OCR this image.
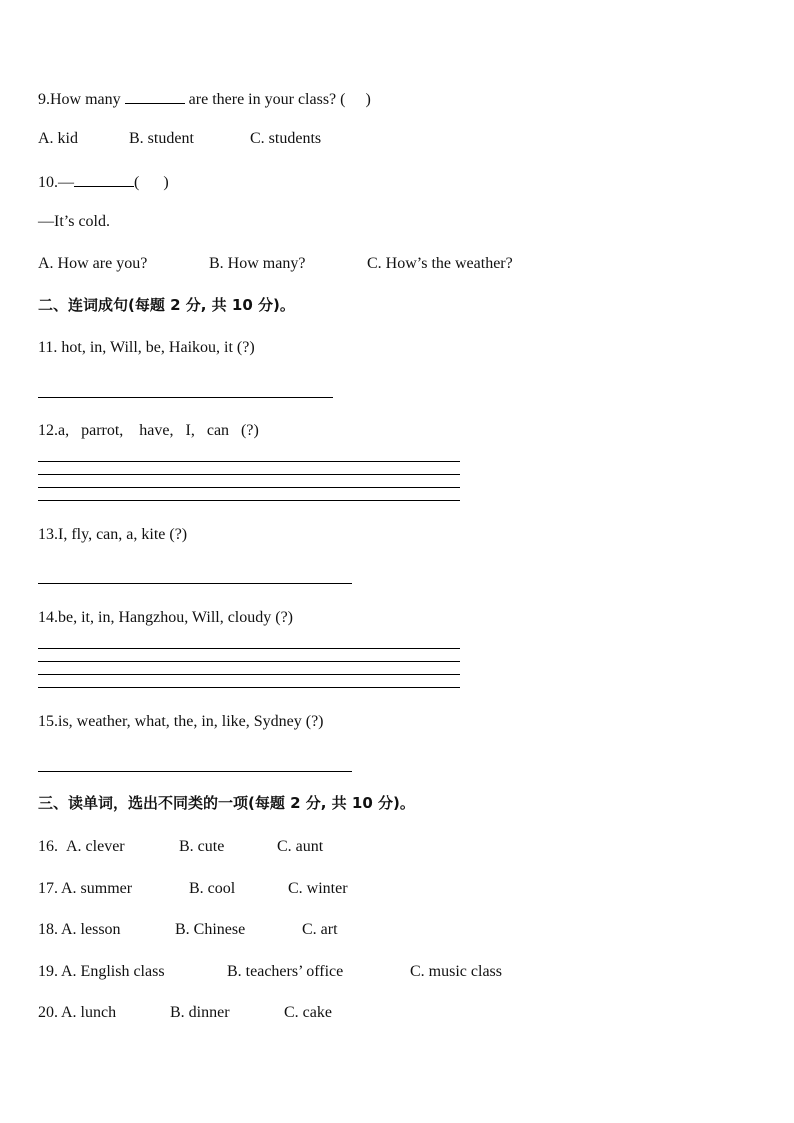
9.How many	are there in your class? (     )
A. kid	B. student	C. students
10.—	(      )
—It’s cold.
A. How are you?	B. How many?	C. How’s the weather?
二、连词成句(每题 2 分, 共 10 分)。
11. hot, in, Will, be, Haikou, it (?)
12.a,   parrot,    have,   I,   can   (?)
13.I, fly, can, a, kite (?)
14.be, it, in, Hangzhou, Will, cloudy (?)
15.is, weather, what, the, in, like, Sydney (?)
三、读单词，选出不同类的一项(每题 2 分, 共 10 分)。
16.A. clever	B. cute	C. aunt
17. A. summer	B. cool	C. winter
18. A. lesson	B. Chinese	C. art
19. A. English class	B. teachers’ office	C. music class
20. A. lunch	B. dinner	C. cake
